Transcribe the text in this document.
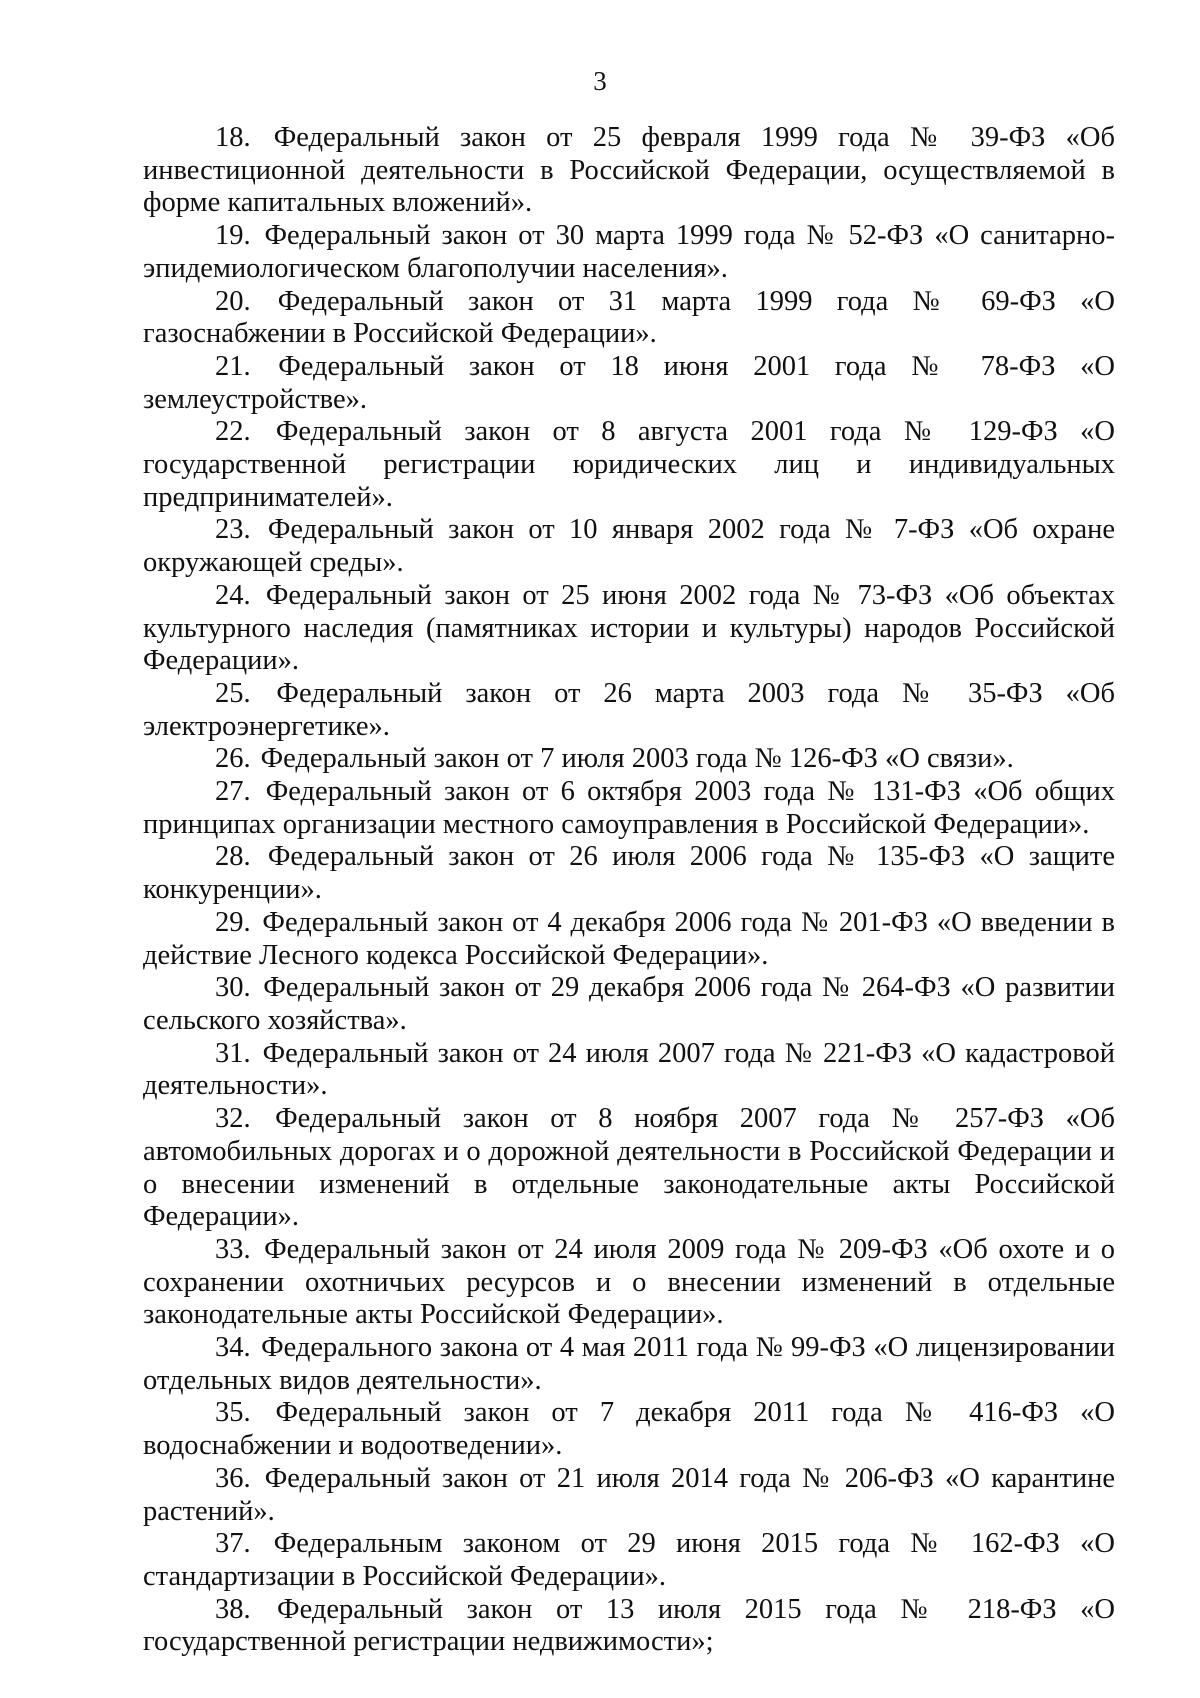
3

18. Федеральный закон от 25 февраля 1999 года № 39-ФЗ «Об инвестиционной деятельности в Российской Федерации, осуществляемой в форме капитальных вложений».

19. Федеральный закон от 30 марта 1999 года № 52-ФЗ «О санитарно-эпидемиологическом благополучии населения».

20. Федеральный закон от 31 марта 1999 года № 69-ФЗ «О газоснабжении в Российской Федерации».

21. Федеральный закон от 18 июня 2001 года № 78-ФЗ «О землеустройстве».

22. Федеральный закон от 8 августа 2001 года № 129-ФЗ «О государственной регистрации юридических лиц и индивидуальных предпринимателей».

23. Федеральный закон от 10 января 2002 года № 7-ФЗ «Об охране окружающей среды».

24. Федеральный закон от 25 июня 2002 года № 73-ФЗ «Об объектах культурного наследия (памятниках истории и культуры) народов Российской Федерации».

25. Федеральный закон от 26 марта 2003 года № 35-ФЗ «Об электроэнергетике».

26. Федеральный закон от 7 июля 2003 года № 126-ФЗ «О связи».

27. Федеральный закон от 6 октября 2003 года № 131-ФЗ «Об общих принципах организации местного самоуправления в Российской Федерации».

28. Федеральный закон от 26 июля 2006 года № 135-ФЗ «О защите конкуренции».

29. Федеральный закон от 4 декабря 2006 года № 201-ФЗ «О введении в действие Лесного кодекса Российской Федерации».

30. Федеральный закон от 29 декабря 2006 года № 264-ФЗ «О развитии сельского хозяйства».

31. Федеральный закон от 24 июля 2007 года № 221-ФЗ «О кадастровой деятельности».

32. Федеральный закон от 8 ноября 2007 года № 257-ФЗ «Об автомобильных дорогах и о дорожной деятельности в Российской Федерации и о внесении изменений в отдельные законодательные акты Российской Федерации».

33. Федеральный закон от 24 июля 2009 года № 209-ФЗ «Об охоте и о сохранении охотничьих ресурсов и о внесении изменений в отдельные законодательные акты Российской Федерации».

34. Федерального закона от 4 мая 2011 года № 99-ФЗ «О лицензировании отдельных видов деятельности».

35. Федеральный закон от 7 декабря 2011 года № 416-ФЗ «О водоснабжении и водоотведении».

36. Федеральный закон от 21 июля 2014 года № 206-ФЗ «О карантине растений».

37. Федеральным законом от 29 июня 2015 года № 162-ФЗ «О стандартизации в Российской Федерации».

38. Федеральный закон от 13 июля 2015 года № 218-ФЗ «О государственной регистрации недвижимости»;
